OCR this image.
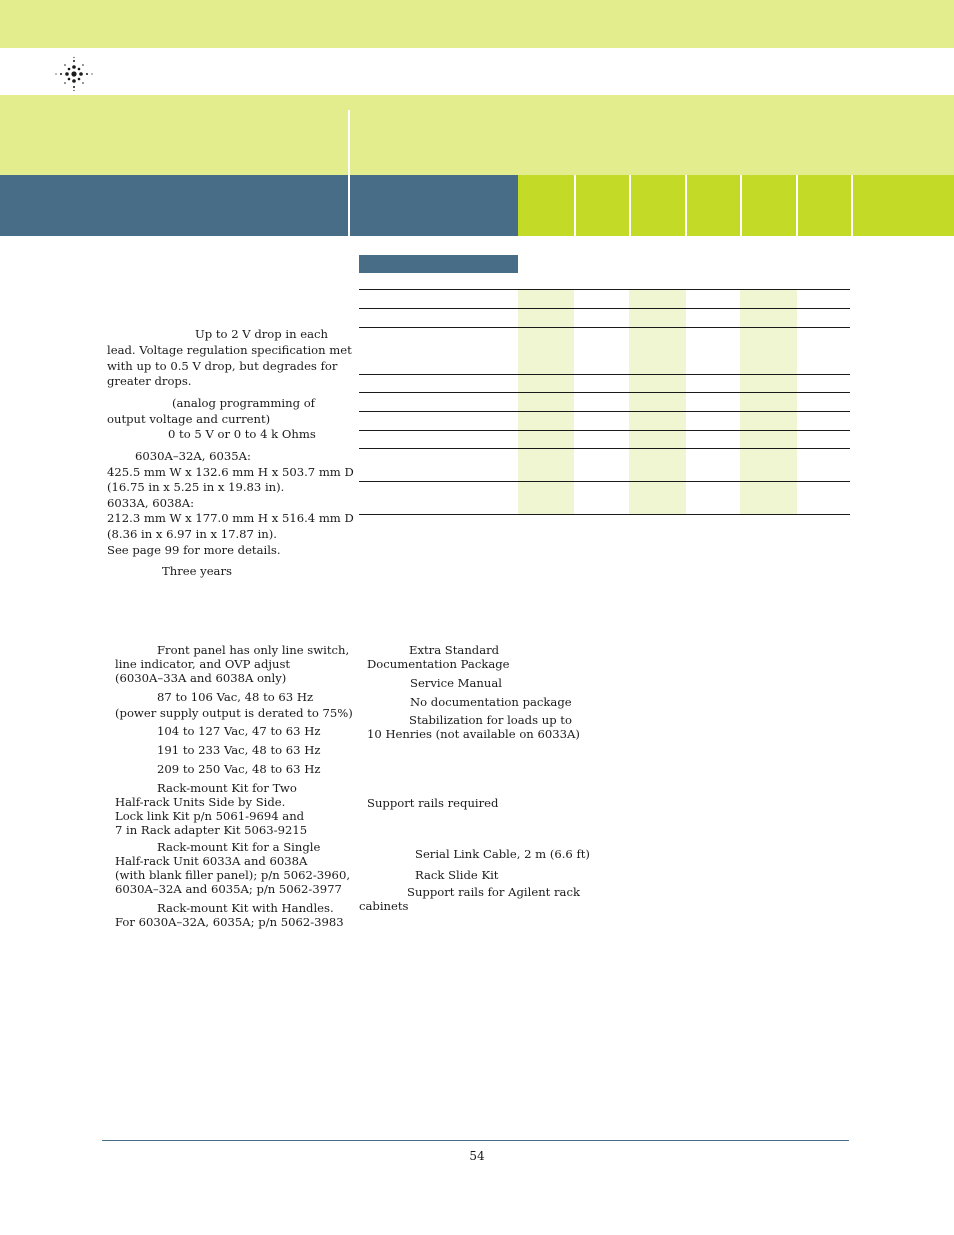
Up to 2 V drop in each
lead. Voltage regulation specification met
with up to 0.5 V drop, but degrades for
greater drops.
(analog programming of
output voltage and current)
0 to 5 V or 0 to 4 k Ohms
6030A–32A, 6035A:
425.5 mm W x 132.6 mm H x 503.7 mm D
(16.75 in x 5.25 in x 19.83 in).
6033A, 6038A:
212.3 mm W x 177.0 mm H x 516.4 mm D
(8.36 in x 6.97 in x 17.87 in).
See page 99 for more details.
Three years
Front panel has only line switch,
line indicator, and OVP adjust
(6030A–33A and 6038A only)
87 to 106 Vac, 48 to 63 Hz
(power supply output is derated to 75%)
104 to 127 Vac, 47 to 63 Hz
191 to 233 Vac, 48 to 63 Hz
209 to 250 Vac, 48 to 63 Hz
Rack-mount Kit for Two
Half-rack Units Side by Side.
Lock link Kit p/n 5061-9694 and
7 in Rack adapter Kit 5063-9215
Rack-mount Kit for a Single
Half-rack Unit 6033A and 6038A
(with blank filler panel); p/n 5062-3960,
6030A–32A and 6035A; p/n 5062-3977
Rack-mount Kit with Handles.
For 6030A–32A, 6035A; p/n 5062-3983
Extra Standard
Documentation Package
Service Manual
No documentation package
Stabilization for loads up to
10 Henries (not available on 6033A)
Support rails required
Serial Link Cable, 2 m (6.6 ft)
Rack Slide Kit
Support rails for Agilent rack
cabinets
54
